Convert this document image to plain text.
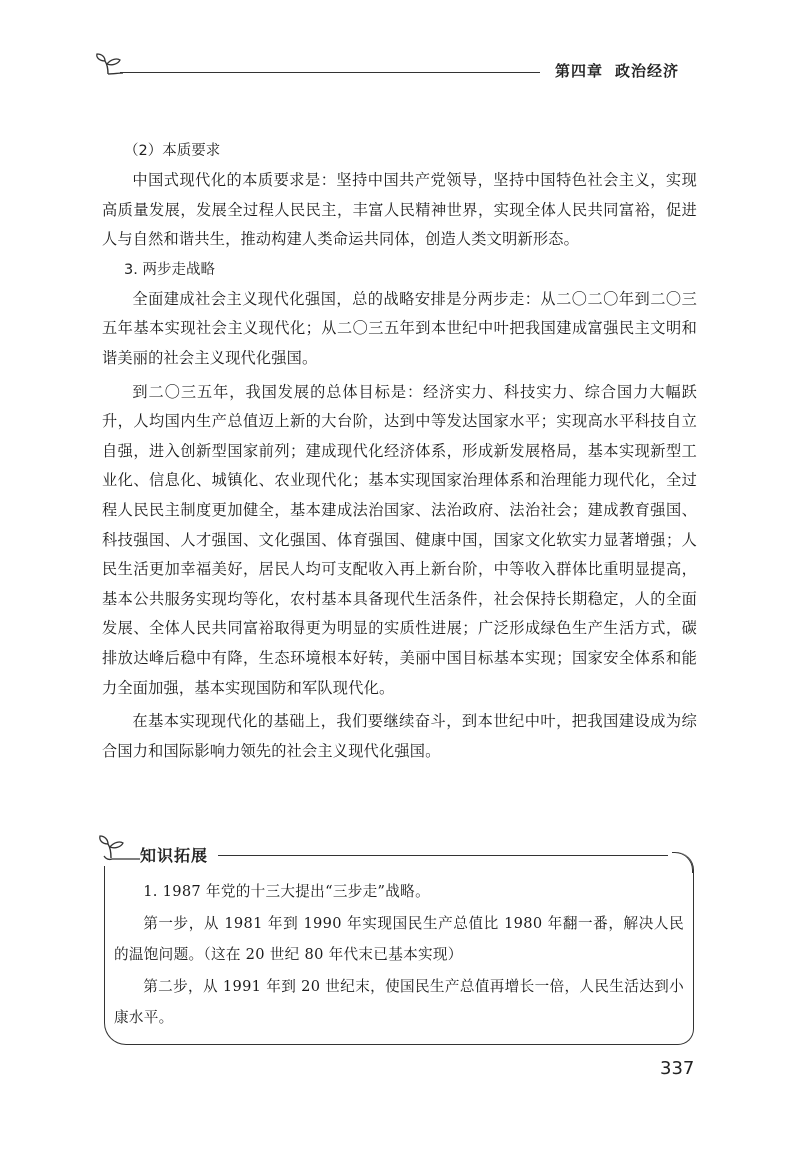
第四章 政治经济

（2）本质要求

中国式现代化的本质要求是：坚持中国共产党领导，坚持中国特色社会主义，实现高质量发展，发展全过程人民民主，丰富人民精神世界，实现全体人民共同富裕，促进人与自然和谐共生，推动构建人类命运共同体，创造人类文明新形态。

3. 两步走战略

全面建成社会主义现代化强国，总的战略安排是分两步走：从二〇二〇年到二〇三五年基本实现社会主义现代化；从二〇三五年到本世纪中叶把我国建成富强民主文明和谐美丽的社会主义现代化强国。

到二〇三五年，我国发展的总体目标是：经济实力、科技实力、综合国力大幅跃升，人均国内生产总值迈上新的大台阶，达到中等发达国家水平；实现高水平科技自立自强，进入创新型国家前列；建成现代化经济体系，形成新发展格局，基本实现新型工业化、信息化、城镇化、农业现代化；基本实现国家治理体系和治理能力现代化，全过程人民民主制度更加健全，基本建成法治国家、法治政府、法治社会；建成教育强国、科技强国、人才强国、文化强国、体育强国、健康中国，国家文化软实力显著增强；人民生活更加幸福美好，居民人均可支配收入再上新台阶，中等收入群体比重明显提高，基本公共服务实现均等化，农村基本具备现代生活条件，社会保持长期稳定，人的全面发展、全体人民共同富裕取得更为明显的实质性进展；广泛形成绿色生产生活方式，碳排放达峰后稳中有降，生态环境根本好转，美丽中国目标基本实现；国家安全体系和能力全面加强，基本实现国防和军队现代化。

在基本实现现代化的基础上，我们要继续奋斗，到本世纪中叶，把我国建设成为综合国力和国际影响力领先的社会主义现代化强国。

知识拓展

1. 1987 年党的十三大提出“三步走”战略。

第一步，从 1981 年到 1990 年实现国民生产总值比 1980 年翻一番，解决人民的温饱问题。（这在 20 世纪 80 年代末已基本实现）

第二步，从 1991 年到 20 世纪末，使国民生产总值再增长一倍，人民生活达到小康水平。

337
